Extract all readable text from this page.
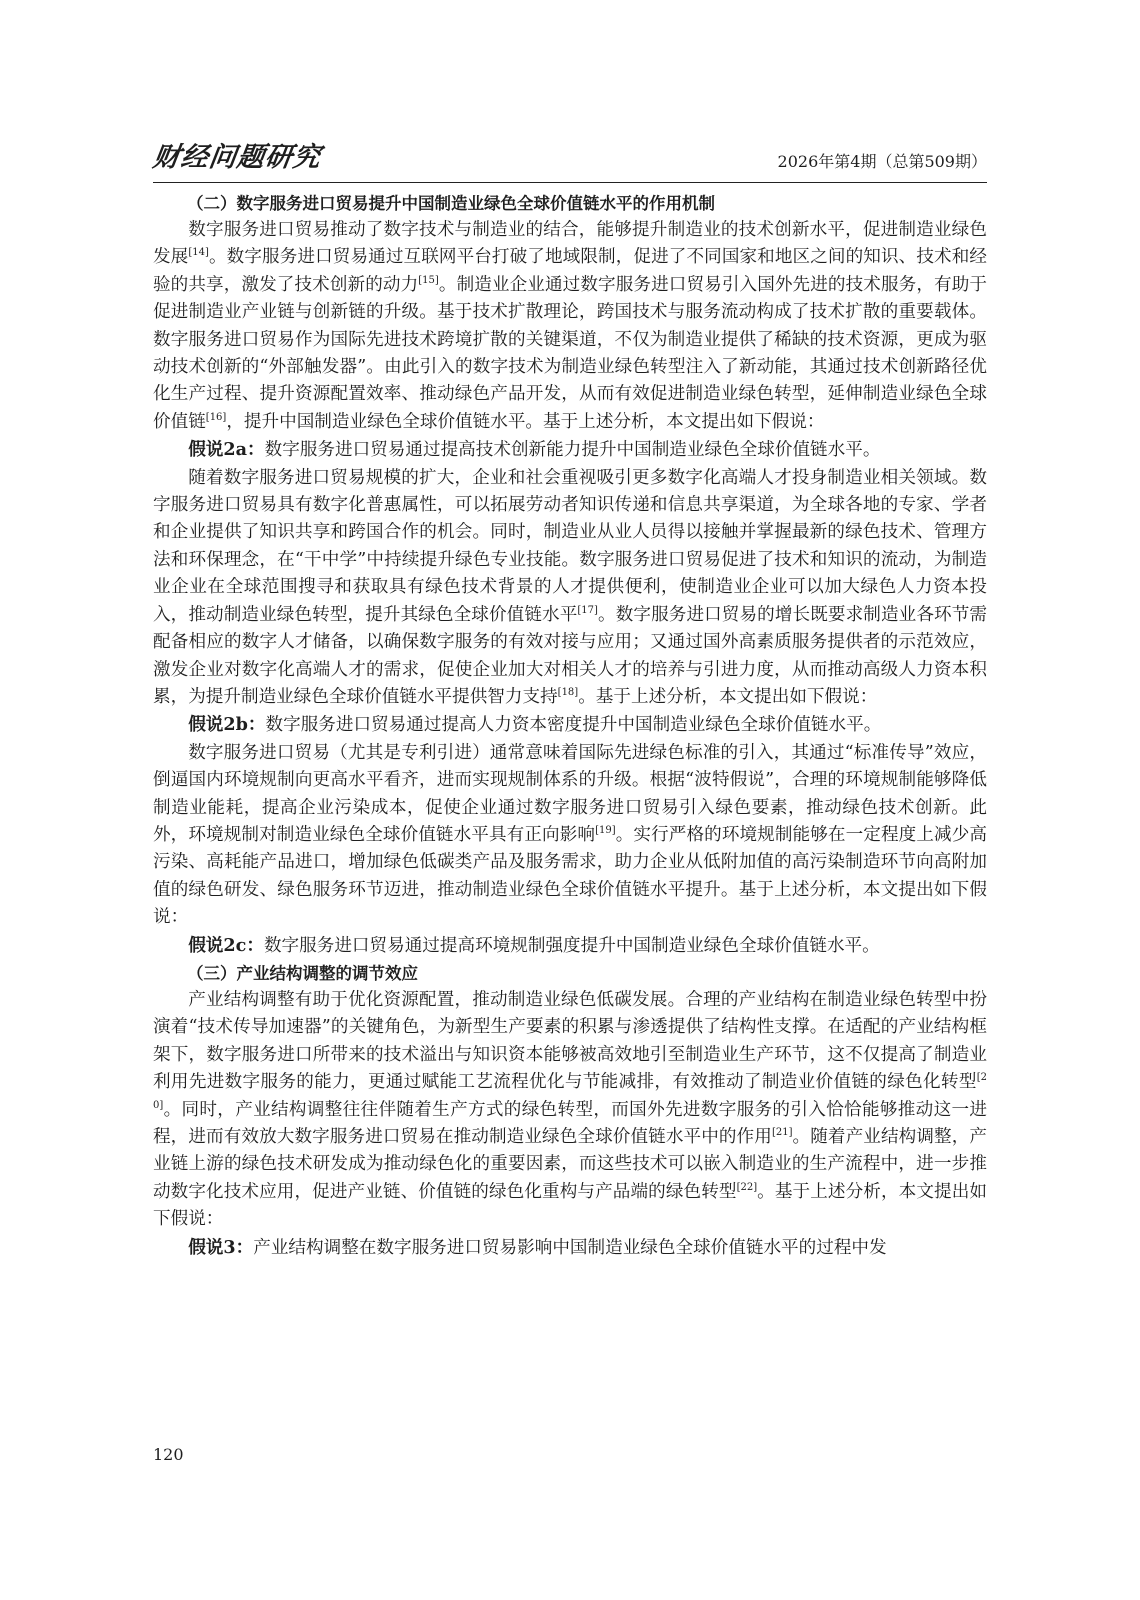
财经问题研究	2026年第4期（总第509期）
（二）数字服务进口贸易提升中国制造业绿色全球价值链水平的作用机制

数字服务进口贸易推动了数字技术与制造业的结合，能够提升制造业的技术创新水平，促进制造业绿色发展[14]。数字服务进口贸易通过互联网平台打破了地域限制，促进了不同国家和地区之间的知识、技术和经验的共享，激发了技术创新的动力[15]。制造业企业通过数字服务进口贸易引入国外先进的技术服务，有助于促进制造业产业链与创新链的升级。基于技术扩散理论，跨国技术与服务流动构成了技术扩散的重要载体。数字服务进口贸易作为国际先进技术跨境扩散的关键渠道，不仅为制造业提供了稀缺的技术资源，更成为驱动技术创新的“外部触发器”。由此引入的数字技术为制造业绿色转型注入了新动能，其通过技术创新路径优化生产过程、提升资源配置效率、推动绿色产品开发，从而有效促进制造业绿色转型，延伸制造业绿色全球价值链[16]，提升中国制造业绿色全球价值链水平。基于上述分析，本文提出如下假说：

假说2a：数字服务进口贸易通过提高技术创新能力提升中国制造业绿色全球价值链水平。

随着数字服务进口贸易规模的扩大，企业和社会重视吸引更多数字化高端人才投身制造业相关领域。数字服务进口贸易具有数字化普惠属性，可以拓展劳动者知识传递和信息共享渠道，为全球各地的专家、学者和企业提供了知识共享和跨国合作的机会。同时，制造业从业人员得以接触并掌握最新的绿色技术、管理方法和环保理念，在“干中学”中持续提升绿色专业技能。数字服务进口贸易促进了技术和知识的流动，为制造业企业在全球范围搜寻和获取具有绿色技术背景的人才提供便利，使制造业企业可以加大绿色人力资本投入，推动制造业绿色转型，提升其绿色全球价值链水平[17]。数字服务进口贸易的增长既要求制造业各环节需配备相应的数字人才储备，以确保数字服务的有效对接与应用；又通过国外高素质服务提供者的示范效应，激发企业对数字化高端人才的需求，促使企业加大对相关人才的培养与引进力度，从而推动高级人力资本积累，为提升制造业绿色全球价值链水平提供智力支持[18]。基于上述分析，本文提出如下假说：

假说2b：数字服务进口贸易通过提高人力资本密度提升中国制造业绿色全球价值链水平。

数字服务进口贸易（尤其是专利引进）通常意味着国际先进绿色标准的引入，其通过“标准传导”效应，倒逼国内环境规制向更高水平看齐，进而实现规制体系的升级。根据“波特假说”，合理的环境规制能够降低制造业能耗，提高企业污染成本，促使企业通过数字服务进口贸易引入绿色要素，推动绿色技术创新。此外，环境规制对制造业绿色全球价值链水平具有正向影响[19]。实行严格的环境规制能够在一定程度上减少高污染、高耗能产品进口，增加绿色低碳类产品及服务需求，助力企业从低附加值的高污染制造环节向高附加值的绿色研发、绿色服务环节迈进，推动制造业绿色全球价值链水平提升。基于上述分析，本文提出如下假说：

假说2c：数字服务进口贸易通过提高环境规制强度提升中国制造业绿色全球价值链水平。

（三）产业结构调整的调节效应

产业结构调整有助于优化资源配置，推动制造业绿色低碳发展。合理的产业结构在制造业绿色转型中扮演着“技术传导加速器”的关键角色，为新型生产要素的积累与渗透提供了结构性支撑。在适配的产业结构框架下，数字服务进口所带来的技术溢出与知识资本能够被高效地引至制造业生产环节，这不仅提高了制造业利用先进数字服务的能力，更通过赋能工艺流程优化与节能减排，有效推动了制造业价值链的绿色化转型[20]。同时，产业结构调整往往伴随着生产方式的绿色转型，而国外先进数字服务的引入恰恰能够推动这一进程，进而有效放大数字服务进口贸易在推动制造业绿色全球价值链水平中的作用[21]。随着产业结构调整，产业链上游的绿色技术研发成为推动绿色化的重要因素，而这些技术可以嵌入制造业的生产流程中，进一步推动数字化技术应用，促进产业链、价值链的绿色化重构与产品端的绿色转型[22]。基于上述分析，本文提出如下假说：

假说3：产业结构调整在数字服务进口贸易影响中国制造业绿色全球价值链水平的过程中发

120
